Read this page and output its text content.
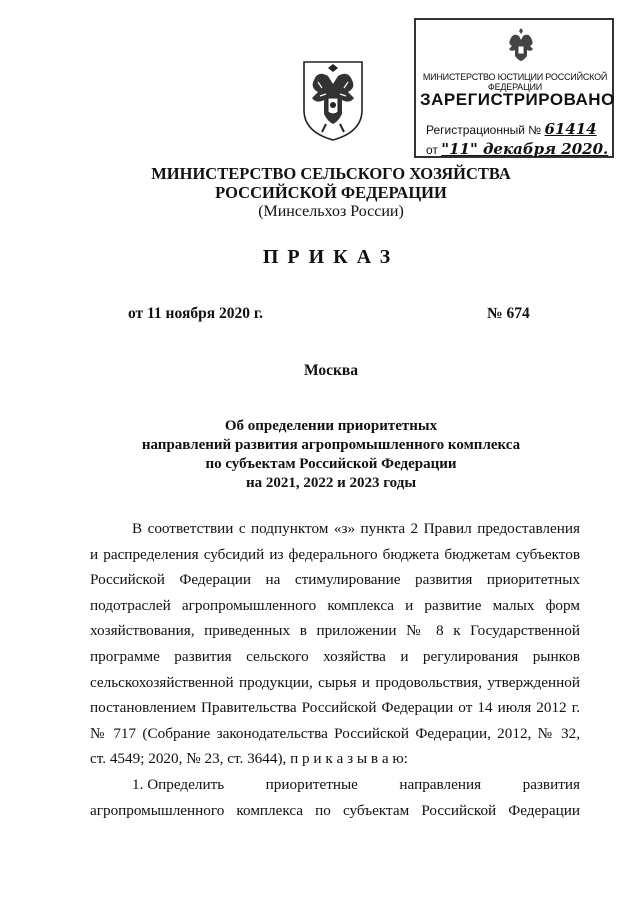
МИНИСТЕРСТВО ЮСТИЦИИ РОССИЙСКОЙ ФЕДЕРАЦИИ
ЗАРЕГИСТРИРОВАНО
Регистрационный № 61414
от "11" декабря 2020.
МИНИСТЕРСТВО СЕЛЬСКОГО ХОЗЯЙСТВА
РОССИЙСКОЙ ФЕДЕРАЦИИ
(Минсельхоз России)
ПРИКАЗ
от 11 ноября 2020 г.	№ 674
Москва
Об определении приоритетных
направлений развития агропромышленного комплекса
по субъектам Российской Федерации
на 2021, 2022 и 2023 годы
В соответствии с подпунктом «з» пункта 2 Правил предоставления
и распределения субсидий из федерального бюджета бюджетам субъектов
Российской Федерации на стимулирование развития приоритетных
подотраслей агропромышленного комплекса и развитие малых форм
хозяйствования, приведенных в приложении № 8 к Государственной
программе развития сельского хозяйства и регулирования рынков
сельскохозяйственной продукции, сырья и продовольствия, утвержденной
постановлением Правительства Российской Федерации от 14 июля 2012 г.
№ 717 (Собрание законодательства Российской Федерации, 2012, № 32,
ст. 4549; 2020, № 23, ст. 3644), п р и к а з ы в а ю:
1. Определить	приоритетные	направления	развития
агропромышленного комплекса по субъектам Российской Федерации
